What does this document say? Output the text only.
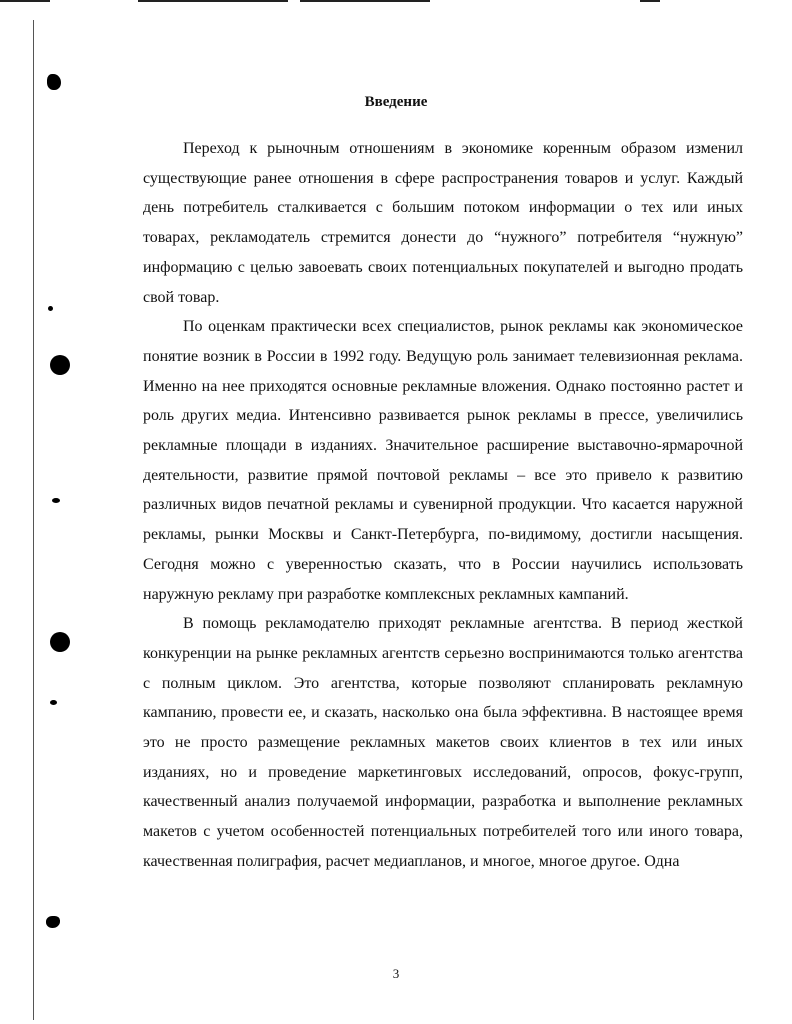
Введение

Переход к рыночным отношениям в экономике коренным образом изменил существующие ранее отношения в сфере распространения товаров и услуг. Каждый день потребитель сталкивается с большим потоком информации о тех или иных товарах, рекламодатель стремится донести до “нужного” потребителя “нужную” информацию с целью завоевать своих потенциальных покупателей и выгодно продать свой товар.

По оценкам практически всех специалистов, рынок рекламы как экономическое понятие возник в России в 1992 году. Ведущую роль занимает телевизионная реклама. Именно на нее приходятся основные рекламные вложения. Однако постоянно растет и роль других медиа. Интенсивно развивается рынок рекламы в прессе, увеличились рекламные площади в изданиях. Значительное расширение выставочно-ярмарочной деятельности, развитие прямой почтовой рекламы – все это привело к развитию различных видов печатной рекламы и сувенирной продукции. Что касается наружной рекламы, рынки Москвы и Санкт-Петербурга, по-видимому, достигли насыщения. Сегодня можно с уверенностью сказать, что в России научились использовать наружную рекламу при разработке комплексных рекламных кампаний.

В помощь рекламодателю приходят рекламные агентства. В период жесткой конкуренции на рынке рекламных агентств серьезно воспринимаются только агентства с полным циклом. Это агентства, которые позволяют спланировать рекламную кампанию, провести ее, и сказать, насколько она была эффективна. В настоящее время это не просто размещение рекламных макетов своих клиентов в тех или иных изданиях, но и проведение маркетинговых исследований, опросов, фокус-групп, качественный анализ получаемой информации, разработка и выполнение рекламных макетов с учетом особенностей потенциальных потребителей того или иного товара, качественная полиграфия, расчет медиапланов, и многое, многое другое. Одна

3
